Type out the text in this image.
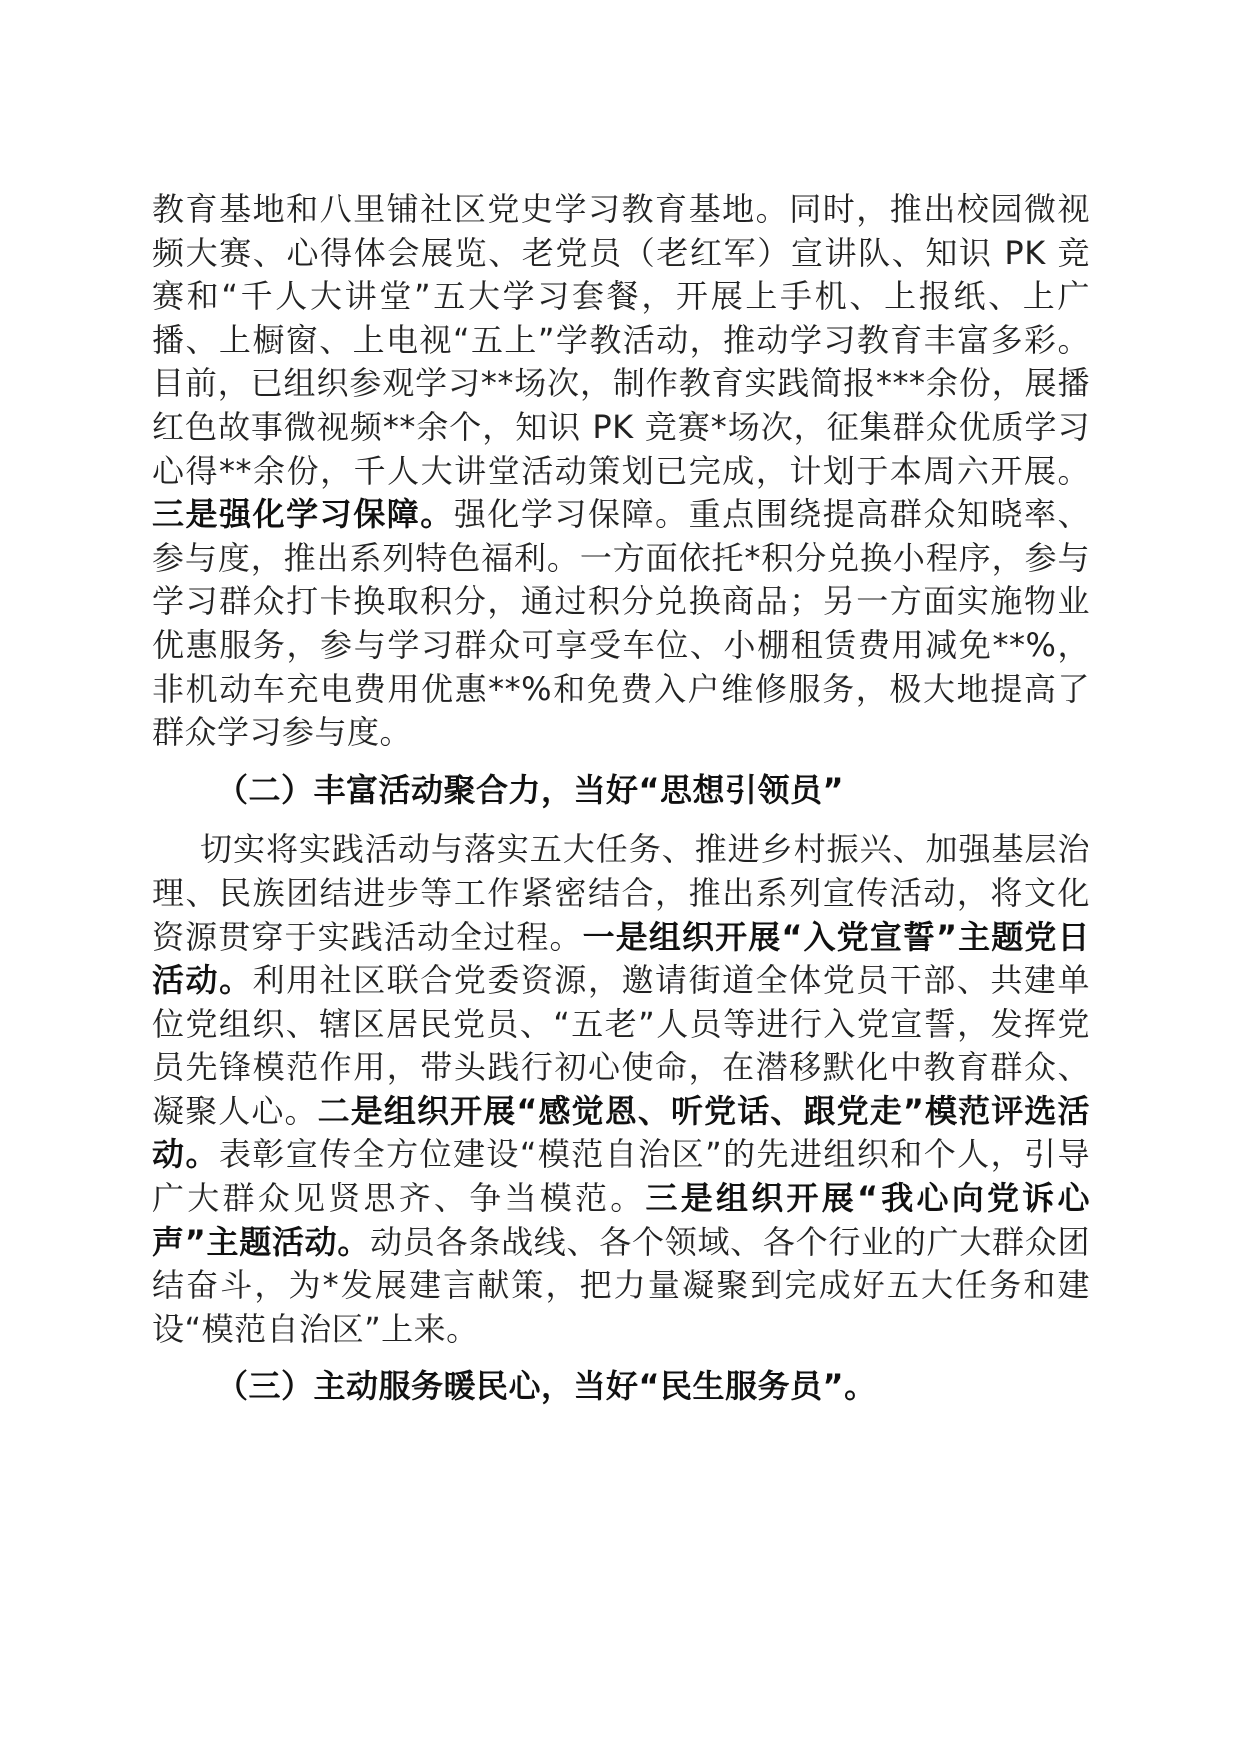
教育基地和八里铺社区党史学习教育基地。同时，推出校园微视频大赛、心得体会展览、老党员（老红军）宣讲队、知识 PK 竞赛和“千人大讲堂”五大学习套餐，开展上手机、上报纸、上广播、上橱窗、上电视“五上”学教活动，推动学习教育丰富多彩。目前，已组织参观学习**场次，制作教育实践简报***余份，展播红色故事微视频**余个，知识 PK 竞赛*场次，征集群众优质学习心得**余份，千人大讲堂活动策划已完成，计划于本周六开展。三是强化学习保障。强化学习保障。重点围绕提高群众知晓率、参与度，推出系列特色福利。一方面依托*积分兑换小程序，参与学习群众打卡换取积分，通过积分兑换商品；另一方面实施物业优惠服务，参与学习群众可享受车位、小棚租赁费用减免**%，非机动车充电费用优惠**%和免费入户维修服务，极大地提高了群众学习参与度。

（二）丰富活动聚合力，当好“思想引领员”

切实将实践活动与落实五大任务、推进乡村振兴、加强基层治理、民族团结进步等工作紧密结合，推出系列宣传活动，将文化资源贯穿于实践活动全过程。一是组织开展“入党宣誓”主题党日活动。利用社区联合党委资源，邀请街道全体党员干部、共建单位党组织、辖区居民党员、“五老”人员等进行入党宣誓，发挥党员先锋模范作用，带头践行初心使命，在潜移默化中教育群众、凝聚人心。二是组织开展“感觉恩、听党话、跟党走”模范评选活动。表彰宣传全方位建设“模范自治区”的先进组织和个人，引导广大群众见贤思齐、争当模范。三是组织开展“我心向党诉心声”主题活动。动员各条战线、各个领域、各个行业的广大群众团结奋斗，为*发展建言献策，把力量凝聚到完成好五大任务和建设“模范自治区”上来。

（三）主动服务暖民心，当好“民生服务员”。
